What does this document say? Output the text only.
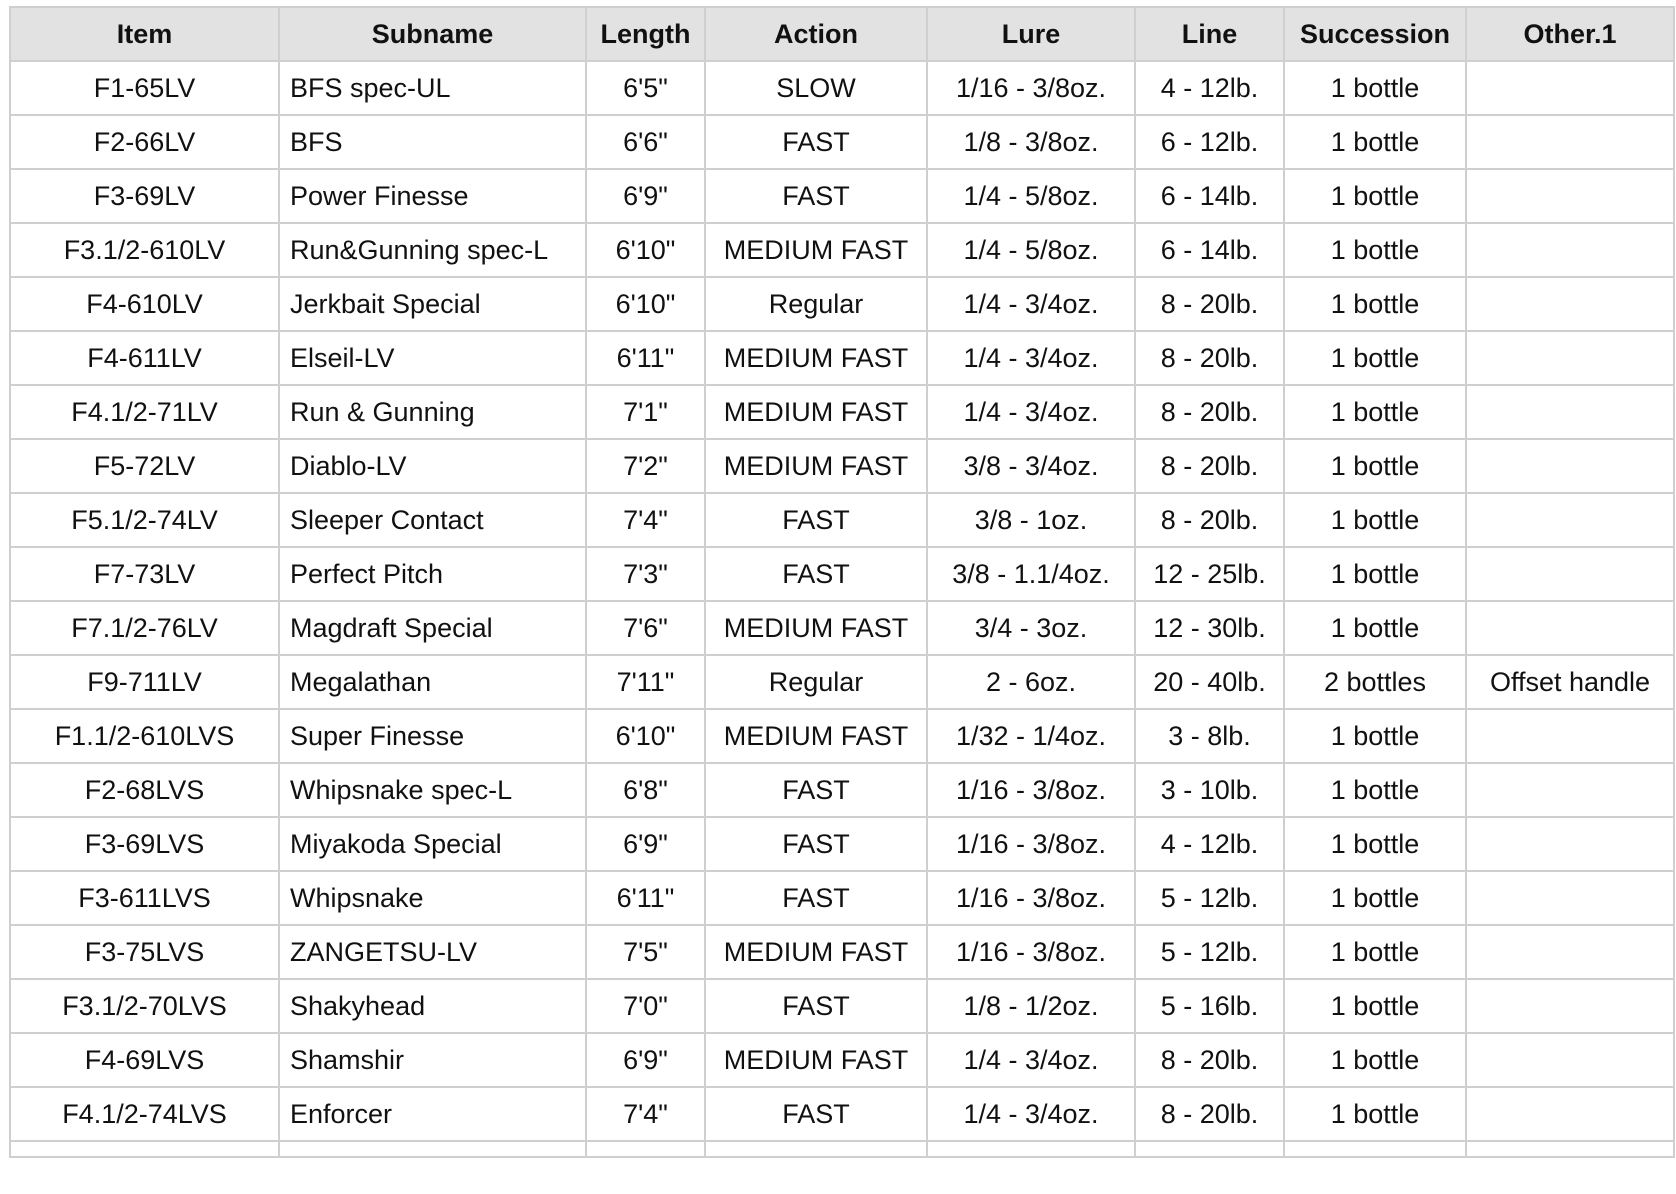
Item	Subname	Length	Action	Lure	Line	Succession	Other.1
F1-65LV	BFS spec-UL	6'5"	SLOW	1/16 - 3/8oz.	4 - 12lb.	1 bottle	
F2-66LV	BFS	6'6"	FAST	1/8 - 3/8oz.	6 - 12lb.	1 bottle	
F3-69LV	Power Finesse	6'9"	FAST	1/4 - 5/8oz.	6 - 14lb.	1 bottle	
F3.1/2-610LV	Run&Gunning spec-L	6'10"	MEDIUM FAST	1/4 - 5/8oz.	6 - 14lb.	1 bottle	
F4-610LV	Jerkbait Special	6'10"	Regular	1/4 - 3/4oz.	8 - 20lb.	1 bottle	
F4-611LV	Elseil-LV	6'11"	MEDIUM FAST	1/4 - 3/4oz.	8 - 20lb.	1 bottle	
F4.1/2-71LV	Run & Gunning	7'1"	MEDIUM FAST	1/4 - 3/4oz.	8 - 20lb.	1 bottle	
F5-72LV	Diablo-LV	7'2"	MEDIUM FAST	3/8 - 3/4oz.	8 - 20lb.	1 bottle	
F5.1/2-74LV	Sleeper Contact	7'4"	FAST	3/8 - 1oz.	8 - 20lb.	1 bottle	
F7-73LV	Perfect Pitch	7'3"	FAST	3/8 - 1.1/4oz.	12 - 25lb.	1 bottle	
F7.1/2-76LV	Magdraft Special	7'6"	MEDIUM FAST	3/4 - 3oz.	12 - 30lb.	1 bottle	
F9-711LV	Megalathan	7'11"	Regular	2 - 6oz.	20 - 40lb.	2 bottles	Offset handle
F1.1/2-610LVS	Super Finesse	6'10"	MEDIUM FAST	1/32 - 1/4oz.	3 - 8lb.	1 bottle	
F2-68LVS	Whipsnake spec-L	6'8"	FAST	1/16 - 3/8oz.	3 - 10lb.	1 bottle	
F3-69LVS	Miyakoda Special	6'9"	FAST	1/16 - 3/8oz.	4 - 12lb.	1 bottle	
F3-611LVS	Whipsnake	6'11"	FAST	1/16 - 3/8oz.	5 - 12lb.	1 bottle	
F3-75LVS	ZANGETSU-LV	7'5"	MEDIUM FAST	1/16 - 3/8oz.	5 - 12lb.	1 bottle	
F3.1/2-70LVS	Shakyhead	7'0"	FAST	1/8 - 1/2oz.	5 - 16lb.	1 bottle	
F4-69LVS	Shamshir	6'9"	MEDIUM FAST	1/4 - 3/4oz.	8 - 20lb.	1 bottle	
F4.1/2-74LVS	Enforcer	7'4"	FAST	1/4 - 3/4oz.	8 - 20lb.	1 bottle	
